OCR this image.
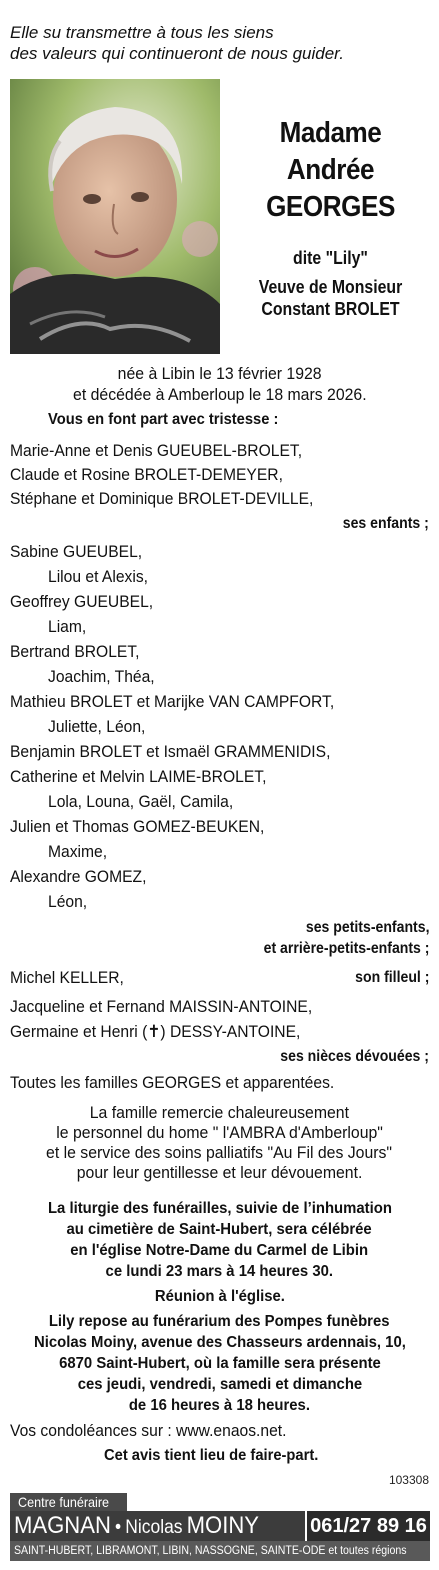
Elle su transmettre à tous les siens
des valeurs qui continueront de nous guider.
Madame
Andrée
GEORGES
dite "Lily"
Veuve de Monsieur
Constant BROLET
née à Libin le 13 février 1928
et décédée à Amberloup le 18 mars 2026.
Vous en font part avec tristesse :
Marie-Anne et Denis GUEUBEL-BROLET,
Claude et Rosine BROLET-DEMEYER,
Stéphane et Dominique BROLET-DEVILLE,
ses enfants ;
Sabine GUEUBEL,
Lilou et Alexis,
Geoffrey GUEUBEL,
Liam,
Bertrand BROLET,
Joachim, Théa,
Mathieu BROLET et Marijke VAN CAMPFORT,
Juliette, Léon,
Benjamin BROLET et Ismaël GRAMMENIDIS,
Catherine et Melvin LAIME-BROLET,
Lola, Louna, Gaël, Camila,
Julien et Thomas GOMEZ-BEUKEN,
Maxime,
Alexandre GOMEZ,
Léon,
ses petits-enfants,
et arrière-petits-enfants ;
Michel KELLER,	son filleul ;
Jacqueline et Fernand MAISSIN-ANTOINE,
Germaine et Henri (✝) DESSY-ANTOINE,
ses nièces dévouées ;
Toutes les familles GEORGES et apparentées.
La famille remercie chaleureusement
le personnel du home " l'AMBRA d'Amberloup"
et le service des soins palliatifs "Au Fil des Jours"
pour leur gentillesse et leur dévouement.
La liturgie des funérailles, suivie de l’inhumation
au cimetière de Saint-Hubert, sera célébrée
en l'église Notre-Dame du Carmel de Libin
ce lundi 23 mars à 14 heures 30.
Réunion à l'église.
Lily repose au funérarium des Pompes funèbres
Nicolas Moiny, avenue des Chasseurs ardennais, 10,
6870 Saint-Hubert, où la famille sera présente
ces jeudi, vendredi, samedi et dimanche
de 16 heures à 18 heures.
Vos condoléances sur : www.enaos.net.
Cet avis tient lieu de faire-part.
103308
Centre funéraire
MAGNAN • Nicolas MOINY	061/27 89 16
SAINT-HUBERT, LIBRAMONT, LIBIN, NASSOGNE, SAINTE-ODE et toutes régions
